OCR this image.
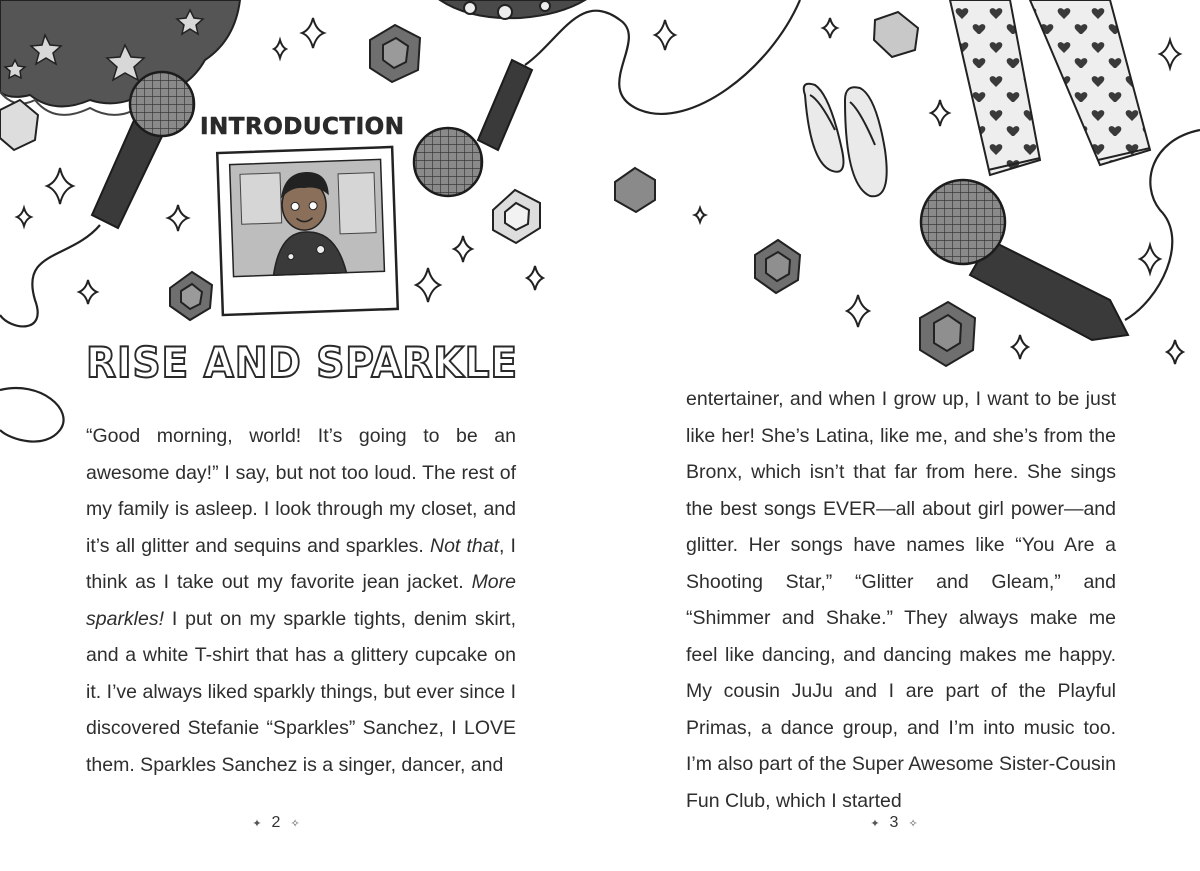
INTRODUCTION
RISE AND SPARKLE

“Good morning, world! It’s going to be an awesome day!” I say, but not too loud. The rest of my family is asleep. I look through my closet, and it’s all glitter and sequins and sparkles. Not that, I think as I take out my favorite jean jacket. More sparkles! I put on my sparkle tights, denim skirt, and a white T-shirt that has a glittery cupcake on it. I’ve always liked sparkly things, but ever since I discovered Stefanie “Sparkles” Sanchez, I LOVE them. Sparkles Sanchez is a singer, dancer, and

entertainer, and when I grow up, I want to be just like her! She’s Latina, like me, and she’s from the Bronx, which isn’t that far from here. She sings the best songs EVER—all about girl power—and glitter. Her songs have names like “You Are a Shooting Star,” “Glitter and Gleam,” and “Shimmer and Shake.” They always make me feel like dancing, and dancing makes me happy. My cousin JuJu and I are part of the Playful Primas, a dance group, and I’m into music too. I’m also part of the Super Awesome Sister-Cousin Fun Club, which I started

✦ 2 ✧	✦ 3 ✧
